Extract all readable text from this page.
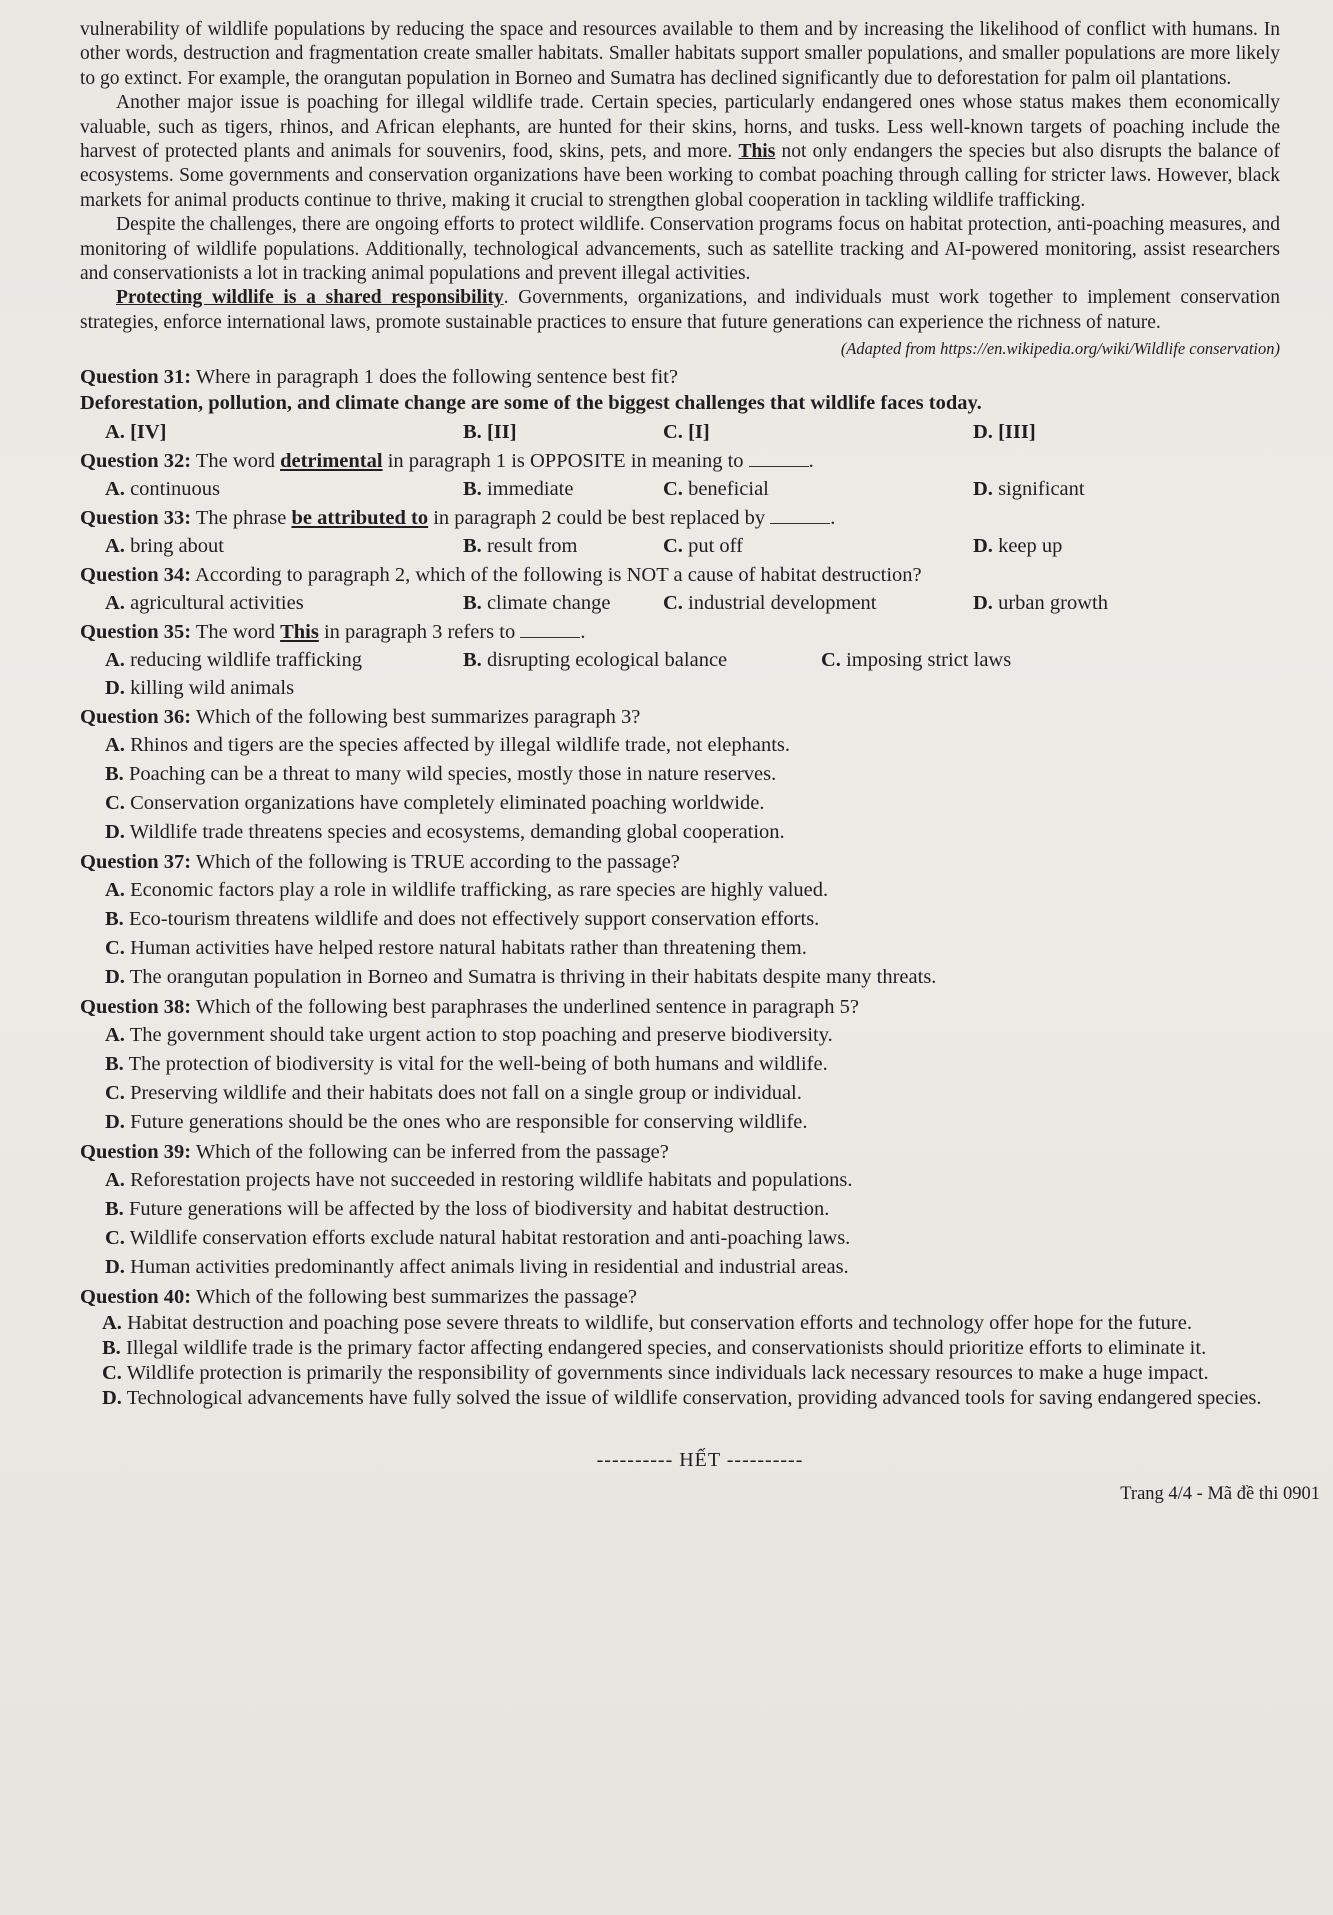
vulnerability of wildlife populations by reducing the space and resources available to them and by increasing the likelihood of conflict with humans. In other words, destruction and fragmentation create smaller habitats. Smaller habitats support smaller populations, and smaller populations are more likely to go extinct. For example, the orangutan population in Borneo and Sumatra has declined significantly due to deforestation for palm oil plantations.

Another major issue is poaching for illegal wildlife trade. Certain species, particularly endangered ones whose status makes them economically valuable, such as tigers, rhinos, and African elephants, are hunted for their skins, horns, and tusks. Less well-known targets of poaching include the harvest of protected plants and animals for souvenirs, food, skins, pets, and more. This not only endangers the species but also disrupts the balance of ecosystems. Some governments and conservation organizations have been working to combat poaching through calling for stricter laws. However, black markets for animal products continue to thrive, making it crucial to strengthen global cooperation in tackling wildlife trafficking.

Despite the challenges, there are ongoing efforts to protect wildlife. Conservation programs focus on habitat protection, anti-poaching measures, and monitoring of wildlife populations. Additionally, technological advancements, such as satellite tracking and AI-powered monitoring, assist researchers and conservationists a lot in tracking animal populations and prevent illegal activities.

Protecting wildlife is a shared responsibility. Governments, organizations, and individuals must work together to implement conservation strategies, enforce international laws, promote sustainable practices to ensure that future generations can experience the richness of nature.

(Adapted from https://en.wikipedia.org/wiki/Wildlife conservation)
Question 31: Where in paragraph 1 does the following sentence best fit?
Deforestation, pollution, and climate change are some of the biggest challenges that wildlife faces today.
A. [IV]	B. [II]	C. [I]	D. [III]
Question 32: The word detrimental in paragraph 1 is OPPOSITE in meaning to	.
A. continuous	B. immediate	C. beneficial	D. significant
Question 33: The phrase be attributed to in paragraph 2 could be best replaced by	.
A. bring about	B. result from	C. put off	D. keep up
Question 34: According to paragraph 2, which of the following is NOT a cause of habitat destruction?
A. agricultural activities	B. climate change	C. industrial development	D. urban growth
Question 35: The word This in paragraph 3 refers to	.
A. reducing wildlife trafficking	B. disrupting ecological balance	C. imposing strict laws
D. killing wild animals
Question 36: Which of the following best summarizes paragraph 3?
A. Rhinos and tigers are the species affected by illegal wildlife trade, not elephants.
B. Poaching can be a threat to many wild species, mostly those in nature reserves.
C. Conservation organizations have completely eliminated poaching worldwide.
D. Wildlife trade threatens species and ecosystems, demanding global cooperation.
Question 37: Which of the following is TRUE according to the passage?
A. Economic factors play a role in wildlife trafficking, as rare species are highly valued.
B. Eco-tourism threatens wildlife and does not effectively support conservation efforts.
C. Human activities have helped restore natural habitats rather than threatening them.
D. The orangutan population in Borneo and Sumatra is thriving in their habitats despite many threats.
Question 38: Which of the following best paraphrases the underlined sentence in paragraph 5?
A. The government should take urgent action to stop poaching and preserve biodiversity.
B. The protection of biodiversity is vital for the well-being of both humans and wildlife.
C. Preserving wildlife and their habitats does not fall on a single group or individual.
D. Future generations should be the ones who are responsible for conserving wildlife.
Question 39: Which of the following can be inferred from the passage?
A. Reforestation projects have not succeeded in restoring wildlife habitats and populations.
B. Future generations will be affected by the loss of biodiversity and habitat destruction.
C. Wildlife conservation efforts exclude natural habitat restoration and anti-poaching laws.
D. Human activities predominantly affect animals living in residential and industrial areas.
Question 40: Which of the following best summarizes the passage?
A. Habitat destruction and poaching pose severe threats to wildlife, but conservation efforts and technology offer hope for the future.
B. Illegal wildlife trade is the primary factor affecting endangered species, and conservationists should prioritize efforts to eliminate it.
C. Wildlife protection is primarily the responsibility of governments since individuals lack necessary resources to make a huge impact.
D. Technological advancements have fully solved the issue of wildlife conservation, providing advanced tools for saving endangered species.
---------- HẾT ----------
Trang 4/4 - Mã đề thi 0901
